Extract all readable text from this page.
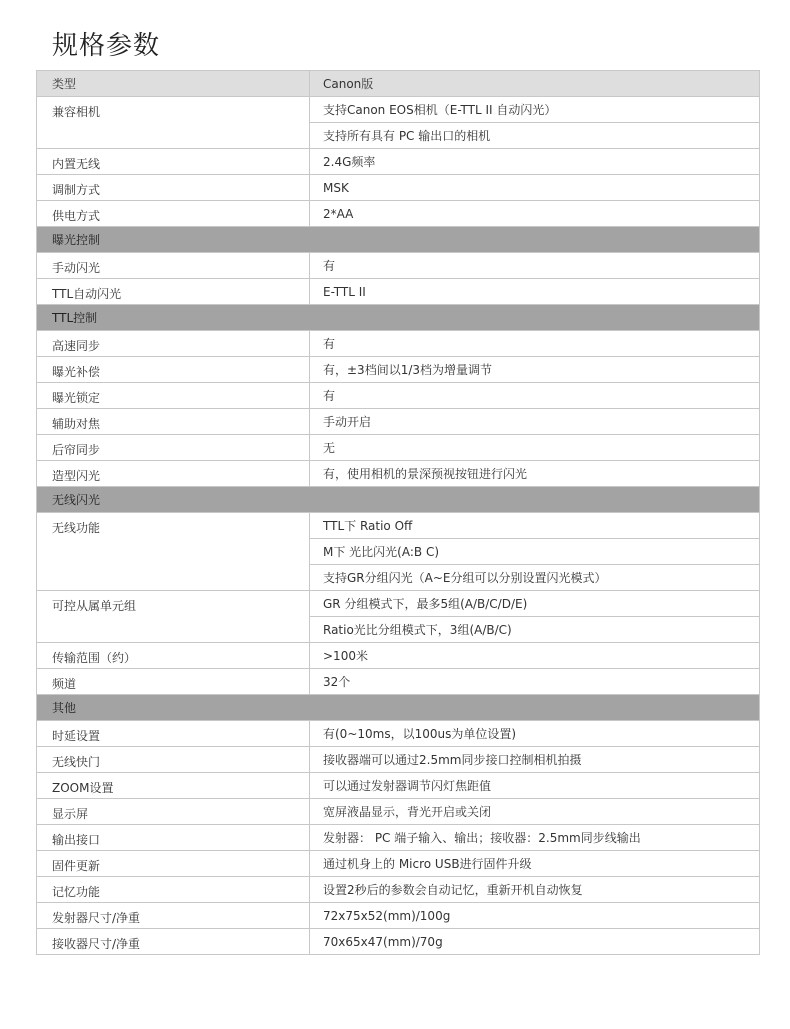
规格参数
类型	Canon版
兼容相机	支持Canon EOS相机（E-TTL II 自动闪光）
	支持所有具有 PC 输出口的相机
内置无线	2.4G频率
调制方式	MSK
供电方式	2*AA
曝光控制	
手动闪光	有
TTL自动闪光	E-TTL II
TTL控制	
高速同步	有
曝光补偿	有，±3档间以1/3档为增量调节
曝光锁定	有
辅助对焦	手动开启
后帘同步	无
造型闪光	有，使用相机的景深预视按钮进行闪光
无线闪光	
无线功能	TTL下 Ratio Off
	M下 光比闪光(A:B C)
	支持GR分组闪光（A~E分组可以分别设置闪光模式）
可控从属单元组	GR 分组模式下，最多5组(A/B/C/D/E)
	Ratio光比分组模式下，3组(A/B/C)
传输范围（约）	>100米
频道	32个
其他	
时延设置	有(0~10ms，以100us为单位设置)
无线快门	接收器端可以通过2.5mm同步接口控制相机拍摄
ZOOM设置	可以通过发射器调节闪灯焦距值
显示屏	宽屏液晶显示，背光开启或关闭
输出接口	发射器： PC 端子输入、输出；接收器：2.5mm同步线输出
固件更新	通过机身上的 Micro USB进行固件升级
记忆功能	设置2秒后的参数会自动记忆，重新开机自动恢复
发射器尺寸/净重	72x75x52(mm)/100g
接收器尺寸/净重	70x65x47(mm)/70g
